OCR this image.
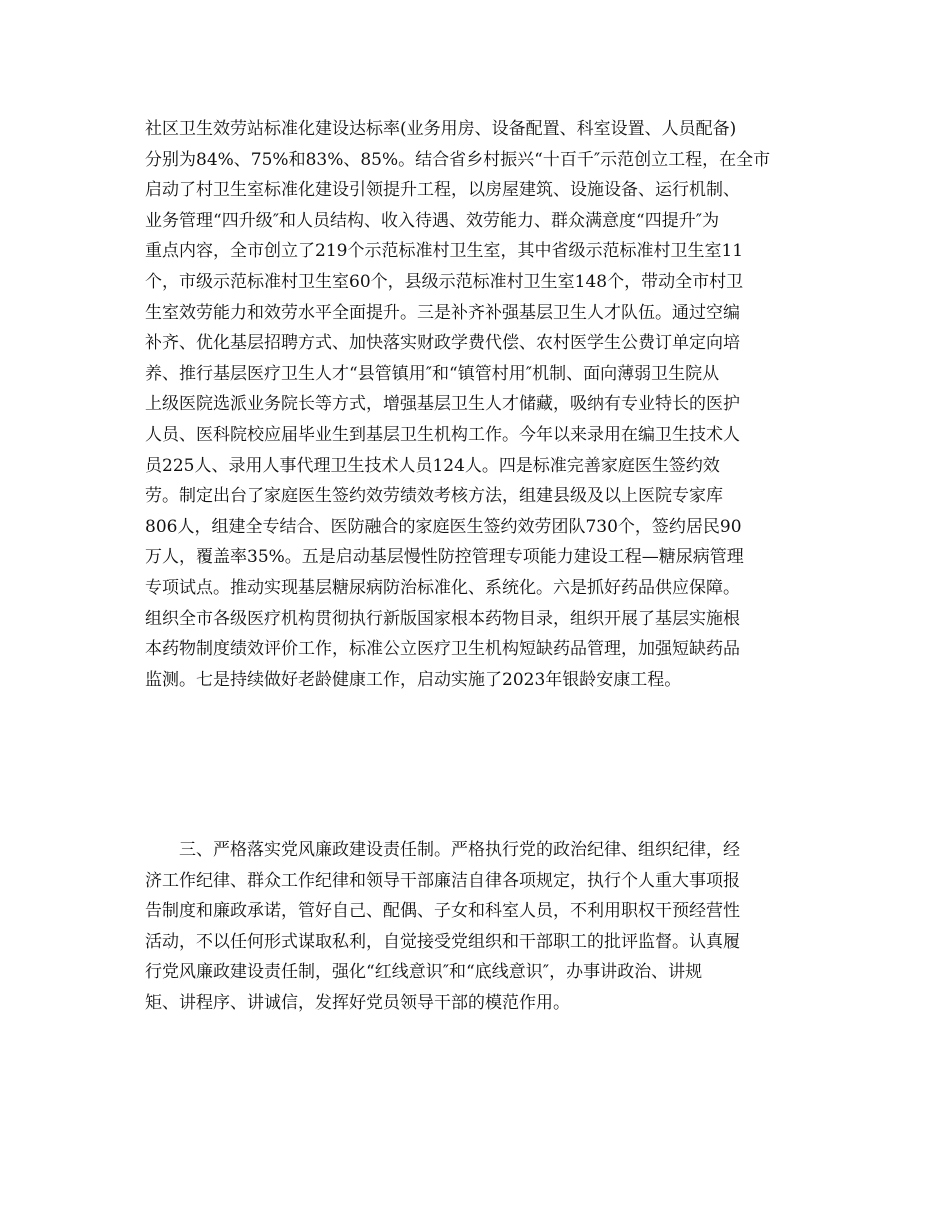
社区卫生效劳站标准化建设达标率(业务用房、设备配置、科室设置、人员配备)
分别为84%、75%和83%、85%。结合省乡村振兴“十百千″示范创立工程，在全市
启动了村卫生室标准化建设引领提升工程，以房屋建筑、设施设备、运行机制、
业务管理“四升级″和人员结构、收入待遇、效劳能力、群众满意度“四提升″为
重点内容，全市创立了219个示范标准村卫生室，其中省级示范标准村卫生室11
个，市级示范标准村卫生室60个，县级示范标准村卫生室148个，带动全市村卫
生室效劳能力和效劳水平全面提升。三是补齐补强基层卫生人才队伍。通过空编
补齐、优化基层招聘方式、加快落实财政学费代偿、农村医学生公费订单定向培
养、推行基层医疗卫生人才“县管镇用″和“镇管村用″机制、面向薄弱卫生院从
上级医院选派业务院长等方式，增强基层卫生人才储藏，吸纳有专业特长的医护
人员、医科院校应届毕业生到基层卫生机构工作。今年以来录用在编卫生技术人
员225人、录用人事代理卫生技术人员124人。四是标准完善家庭医生签约效
劳。制定出台了家庭医生签约效劳绩效考核方法，组建县级及以上医院专家库
806人，组建全专结合、医防融合的家庭医生签约效劳团队730个，签约居民90
万人，覆盖率35%。五是启动基层慢性防控管理专项能力建设工程—糖尿病管理
专项试点。推动实现基层糖尿病防治标准化、系统化。六是抓好药品供应保障。
组织全市各级医疗机构贯彻执行新版国家根本药物目录，组织开展了基层实施根
本药物制度绩效评价工作，标准公立医疗卫生机构短缺药品管理，加强短缺药品
监测。七是持续做好老龄健康工作，启动实施了2023年银龄安康工程。

　　三、严格落实党风廉政建设责任制。严格执行党的政治纪律、组织纪律，经
济工作纪律、群众工作纪律和领导干部廉洁自律各项规定，执行个人重大事项报
告制度和廉政承诺，管好自己、配偶、子女和科室人员，不利用职权干预经营性
活动，不以任何形式谋取私利，自觉接受党组织和干部职工的批评监督。认真履
行党风廉政建设责任制，强化“红线意识″和“底线意识″，办事讲政治、讲规
矩、讲程序、讲诚信，发挥好党员领导干部的模范作用。
